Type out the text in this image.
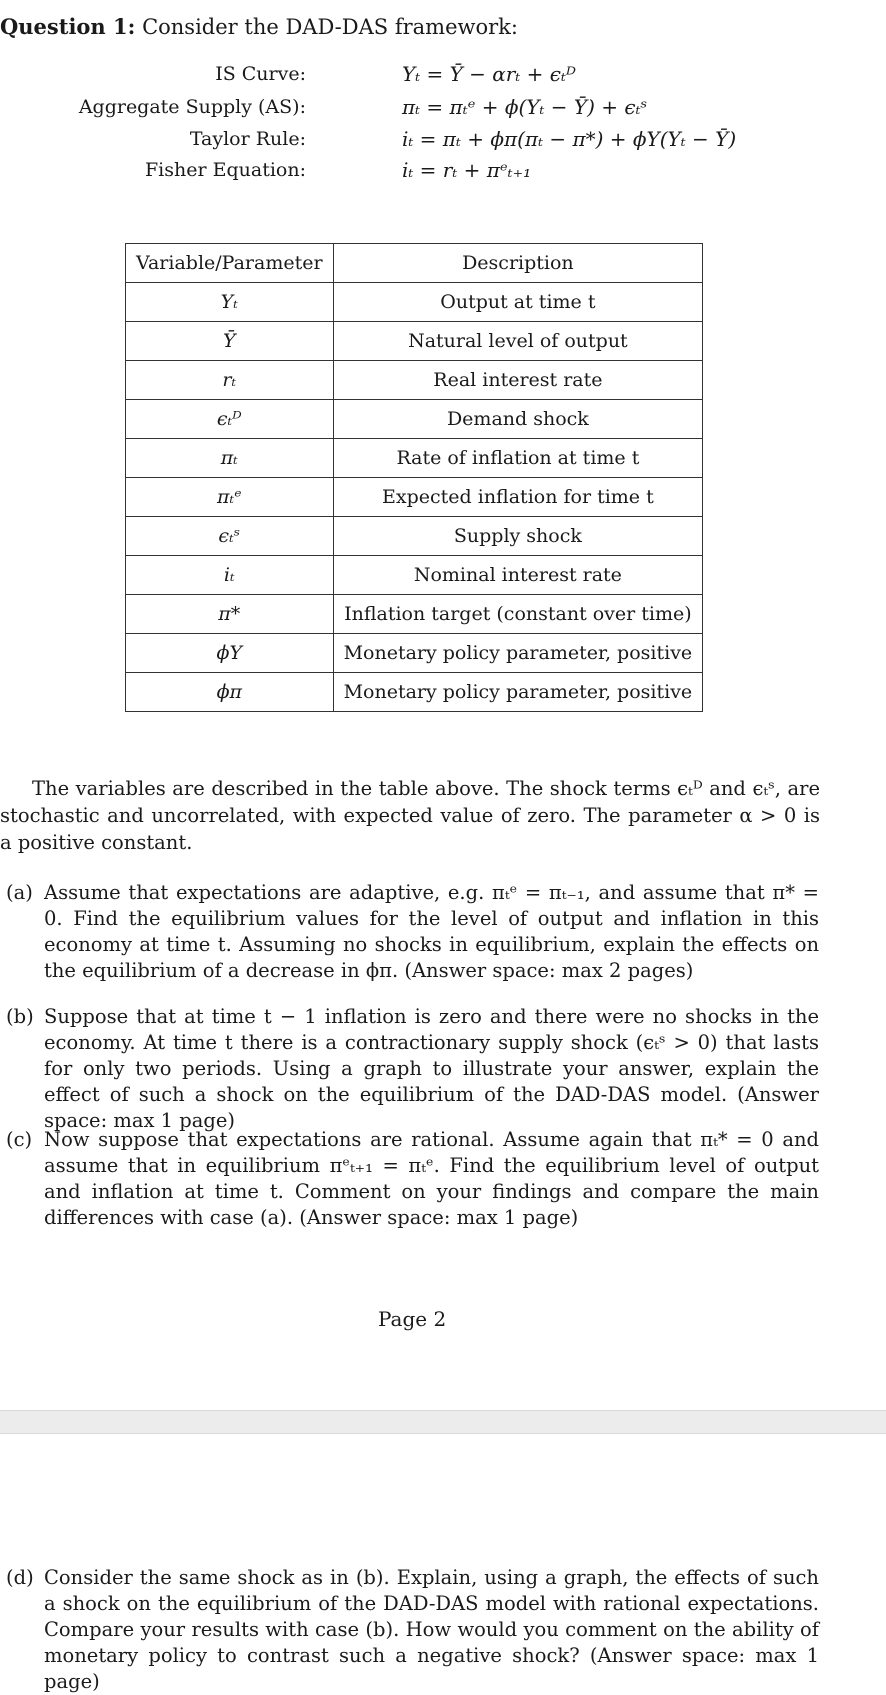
Question 1: Consider the DAD-DAS framework:
IS Curve:	Yₜ = Ȳ − αrₜ + ϵₜᴰ
Aggregate Supply (AS):	πₜ = πₜᵉ + ϕ(Yₜ − Ȳ) + ϵₜˢ
Taylor Rule:	iₜ = πₜ + ϕπ(πₜ − π*) + ϕY(Yₜ − Ȳ)
Fisher Equation:	iₜ = rₜ + πᵉₜ₊₁
Variable/Parameter	Description
Yₜ	Output at time t
Ȳ	Natural level of output
rₜ	Real interest rate
ϵₜᴰ	Demand shock
πₜ	Rate of inflation at time t
πₜᵉ	Expected inflation for time t
ϵₜˢ	Supply shock
iₜ	Nominal interest rate
π*	Inflation target (constant over time)
ϕY	Monetary policy parameter, positive
ϕπ	Monetary policy parameter, positive
The variables are described in the table above. The shock terms ϵₜᴰ and ϵₜˢ, are stochastic and uncorrelated, with expected value of zero. The parameter α > 0 is a positive constant.
(a) Assume that expectations are adaptive, e.g. πₜᵉ = πₜ₋₁, and assume that π* = 0. Find the equilibrium values for the level of output and inflation in this economy at time t. Assuming no shocks in equilibrium, explain the effects on the equilibrium of a decrease in ϕπ. (Answer space: max 2 pages)
(b) Suppose that at time t − 1 inflation is zero and there were no shocks in the economy. At time t there is a contractionary supply shock (ϵₜˢ > 0) that lasts for only two periods. Using a graph to illustrate your answer, explain the effect of such a shock on the equilibrium of the DAD-DAS model. (Answer space: max 1 page)
(c) Now suppose that expectations are rational. Assume again that πₜ* = 0 and assume that in equilibrium πᵉₜ₊₁ = πₜᵉ. Find the equilibrium level of output and inflation at time t. Comment on your findings and compare the main differences with case (a). (Answer space: max 1 page)
Page 2
(d) Consider the same shock as in (b). Explain, using a graph, the effects of such a shock on the equilibrium of the DAD-DAS model with rational expectations. Compare your results with case (b). How would you comment on the ability of monetary policy to contrast such a negative shock? (Answer space: max 1 page)
